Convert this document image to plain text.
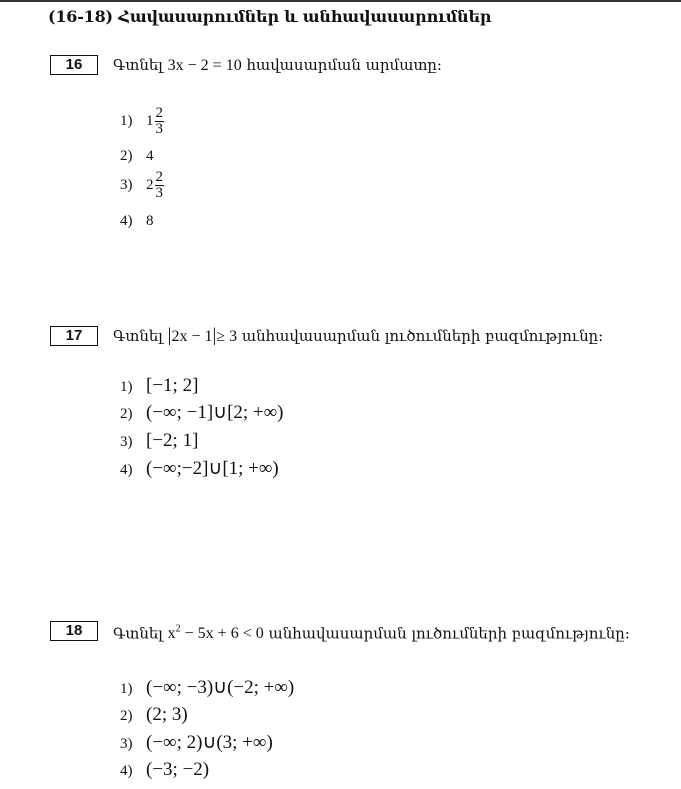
(16-18) Հավասարումներ և անհավասարումներ
16	Գտնել 3x − 2 = 10 հավասարման արմատը:
1) $1 \frac{2}{3}$
2) 4
3) $2 \frac{2}{3}$
4) 8
17	Գտնել |2x − 1|≥ 3 անհավասարման լուծումների բազմությունը:
1) [−1; 2]
2) (−∞; −1]∪[2; +∞)
3) [−2; 1]
4) (−∞;−2]∪[1; +∞)
18	Գտնել $x^2 - 5x + 6 < 0$ անհավասարման լուծումների բազմությունը:
1) (−∞; −3)∪(−2; +∞)
2) (2; 3)
3) (−∞; 2)∪(3; +∞)
4) (−3; −2)
